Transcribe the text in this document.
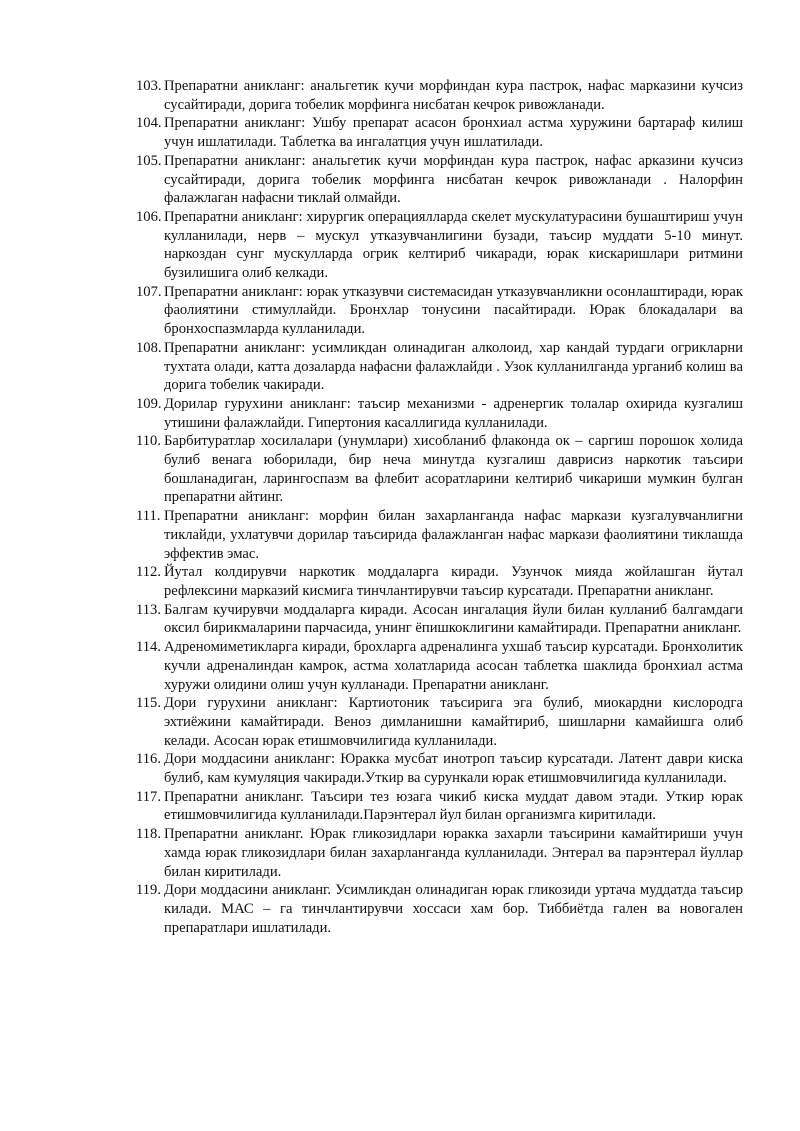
103. Препаратни аникланг: анальгетик кучи морфиндан кура пастрок, нафас марказини кучсиз сусайтиради, дорига тобелик морфинга нисбатан кечрок ривожланади.
104. Препаратни аникланг: Ушбу препарат асасон бронхиал астма хуружини бартараф килиш учун ишлатилади. Таблетка ва ингалатция учун ишлатилади.
105. Препаратни аникланг: анальгетик кучи морфиндан кура пастрок, нафас арказини кучсиз сусайтиради, дорига тобелик морфинга нисбатан кечрок ривожланади . Налорфин фалажлаган нафасни тиклай олмайди.
106. Препаратни аникланг: хирургик операциялларда скелет мускулатурасини бушаштириш учун кулланилади, нерв – мускул утказувчанлигини бузади, таъсир муддати 5-10 минут. наркоздан сунг мускулларда огрик келтириб чикаради, юрак кискаришлари ритмини бузилишига олиб келкади.
107. Препаратни аникланг: юрак утказувчи системасидан утказувчанликни осонлаштиради, юрак фаолиятини стимуллайди. Бронхлар тонусини пасайтиради. Юрак блокадалари ва бронхоспазмларда кулланилади.
108. Препаратни аникланг: усимликдан олинадиган алколоид, хар кандай турдаги огрикларни тухтата олади, катта дозаларда нафасни фалажлайди . Узок кулланилганда урганиб колиш ва дорига тобелик чакиради.
109. Дорилар гурухини аникланг: таъсир механизми - адренергик толалар охирида кузгалиш утишини фалажлайди. Гипертония касаллигида кулланилади.
110. Барбитуратлар хосилалари (унумлари) хисобланиб флаконда ок – саргиш порошок холида булиб венага юборилади, бир неча минутда кузгалиш даврисиз наркотик таъсири бошланадиган, ларингоспазм ва флебит асоратларини келтириб чикариши мумкин булган препаратни айтинг.
111. Препаратни аникланг: морфин билан захарланганда нафас маркази кузгалувчанлигни тиклайди, ухлатувчи дорилар таъсирида фалажланган нафас маркази фаолиятини тиклашда эффектив эмас.
112. Йутал колдирувчи наркотик моддаларга киради. Узунчок мияда жойлашган йутал рефлексини марказий кисмига тинчлантирувчи таъсир курсатади. Препаратни аникланг.
113. Балгам кучирувчи моддаларга киради. Асосан ингалация йули билан кулланиб балгамдаги оксил бирикмаларини парчасида, унинг ёпишкоклигини камайтиради. Препаратни аникланг.
114. Адреномиметикларга киради, брохларга адреналинга ухшаб таъсир курсатади. Бронхолитик кучли адреналиндан камрок, астма холатларида асосан таблетка шаклида бронхиал астма хуружи олидини олиш учун кулланади. Препаратни аникланг.
115. Дори гурухини аникланг: Картиотоник таъсирига эга булиб, миокардни кислородга эхтиёжини камайтиради. Веноз димланишни камайтириб, шишларни камайишга олиб келади. Асосан юрак етишмовчилигида кулланилади.
116. Дори моддасини аникланг: Юракка мусбат инотроп таъсир курсатади. Латент даври киска булиб, кам кумуляция чакиради.Уткир ва сурункали юрак етишмовчилигида кулланилади.
117. Препаратни аникланг. Таъсири тез юзага чикиб киска муддат давом этади. Уткир юрак етишмовчилигида кулланилади.Парэнтерал йул билан организмга киритилади.
118. Препаратни аникланг. Юрак гликозидлари юракка захарли таъсирини камайтириши учун хамда юрак гликозидлари билан захарланганда кулланилади. Энтерал ва парэнтерал йуллар билан киритилади.
119. Дори моддасини аникланг. Усимликдан олинадиган юрак гликозиди уртача муддатда таъсир килади. МАС – га тинчлантирувчи хоссаси хам бор. Тиббиётда гален ва новогален препаратлари ишлатилади.
